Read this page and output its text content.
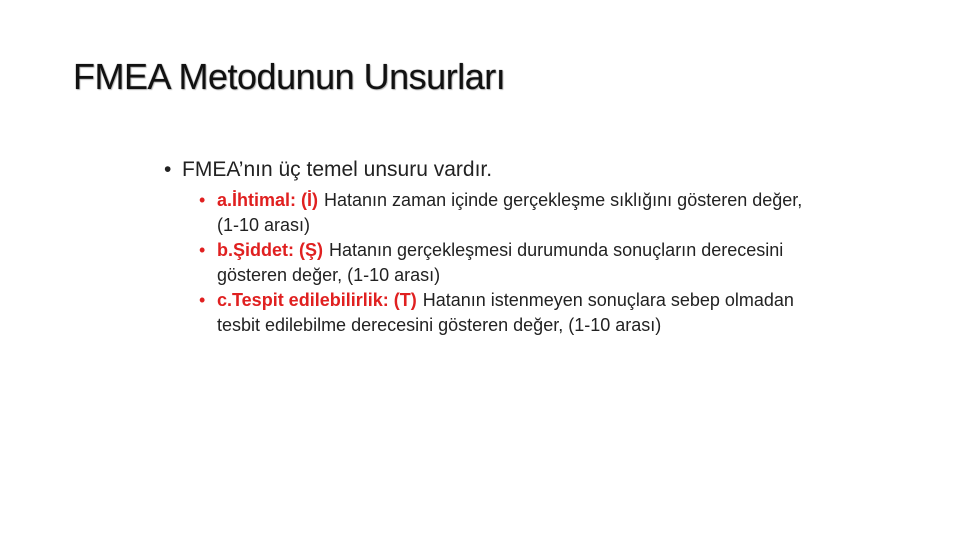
FMEA Metodunun Unsurları
• FMEA’nın üç temel unsuru vardır.
• a.İhtimal: (İ) Hatanın zaman içinde gerçekleşme sıklığını gösteren değer, (1-10 arası)
• b.Şiddet: (Ş) Hatanın gerçekleşmesi durumunda sonuçların derecesini gösteren değer, (1-10 arası)
• c.Tespit edilebilirlik: (T) Hatanın istenmeyen sonuçlara sebep olmadan tesbit edilebilme derecesini gösteren değer, (1-10 arası)
